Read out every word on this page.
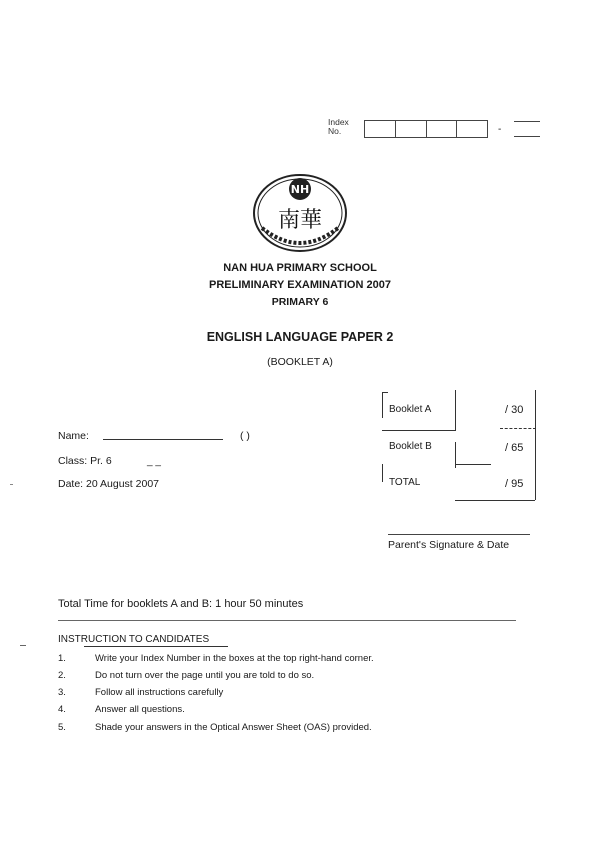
Index
No.	-
NH
南華
NAN HUA PRIMARY SCHOOL
PRELIMINARY EXAMINATION 2007
PRIMARY 6
ENGLISH LANGUAGE PAPER 2
(BOOKLET A)
Name:	( )
Class: Pr. 6	_ _
Date: 20 August 2007
Booklet A	/ 30
Booklet B	/ 65
TOTAL	/ 95
Parent's Signature & Date
Total Time for booklets A and B: 1 hour 50 minutes
INSTRUCTION TO CANDIDATES
1.	Write your Index Number in the boxes at the top right-hand corner.
2.	Do not turn over the page until you are told to do so.
3.	Follow all instructions carefully
4.	Answer all questions.
5.	Shade your answers in the Optical Answer Sheet (OAS) provided.
